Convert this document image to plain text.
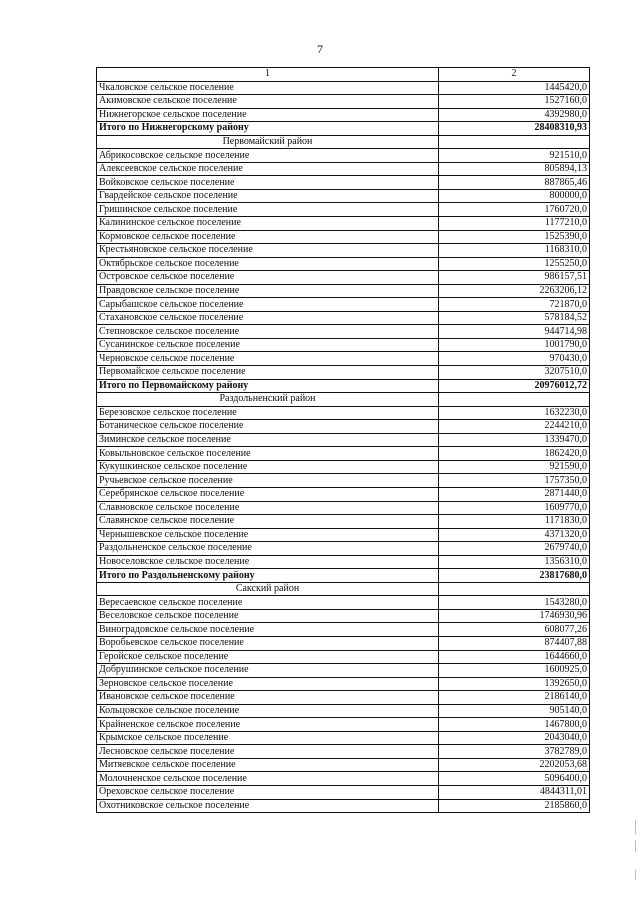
7
1	2
Чкаловское сельское поселение	1445420,0
Акимовское сельское поселение	1527160,0
Нижнегорское сельское поселение	4392980,0
Итого по Нижнегорскому району	28408310,93
Первомайский район	
Абрикосовское сельское поселение	921510,0
Алексеевское сельское поселение	805894,13
Войковское сельское поселение	887865,46
Гвардейское сельское поселение	800000,0
Гришинское сельское поселение	1760720,0
Калининское сельское поселение	1177210,0
Кормовское сельское поселение	1525390,0
Крестьяновское сельское поселение	1168310,0
Октябрьское сельское поселение	1255250,0
Островское сельское поселение	986157,51
Правдовское сельское поселение	2263206,12
Сарыбашское сельское поселение	721870,0
Стахановское сельское поселение	578184,52
Степновское сельское поселение	944714,98
Сусанинское сельское поселение	1001790,0
Черновское сельское поселение	970430,0
Первомайское сельское поселение	3207510,0
Итого по Первомайскому району	20976012,72
Раздольненский район	
Березовское сельское поселение	1632230,0
Ботаническое сельское поселение	2244210,0
Зиминское сельское поселение	1339470,0
Ковыльновское сельское поселение	1862420,0
Кукушкинское сельское поселение	921590,0
Ручьевское сельское поселение	1757350,0
Серебрянское сельское поселение	2871440,0
Славновское сельское поселение	1609770,0
Славянское сельское поселение	1171830,0
Чернышевское сельское поселение	4371320,0
Раздольненское сельское поселение	2679740,0
Новоселовское сельское поселение	1356310,0
Итого по Раздольненскому району	23817680,0
Сакский район	
Вересаевское сельское поселение	1543280,0
Веселовское сельское поселение	1746930,96
Виноградовское сельское поселение	608077,26
Воробьевское сельское поселение	874407,88
Геройское сельское поселение	1644660,0
Добрушинское сельское поселение	1600925,0
Зерновское сельское поселение	1392650,0
Ивановское сельское поселение	2186140,0
Кольцовское сельское поселение	905140,0
Крайненское сельское поселение	1467800,0
Крымское сельское поселение	2043040,0
Лесновское сельское поселение	3782789,0
Митяевское сельское поселение	2202053,68
Молочненское сельское поселение	5096400,0
Ореховское сельское поселение	4844311,01
Охотниковское сельское поселение	2185860,0
